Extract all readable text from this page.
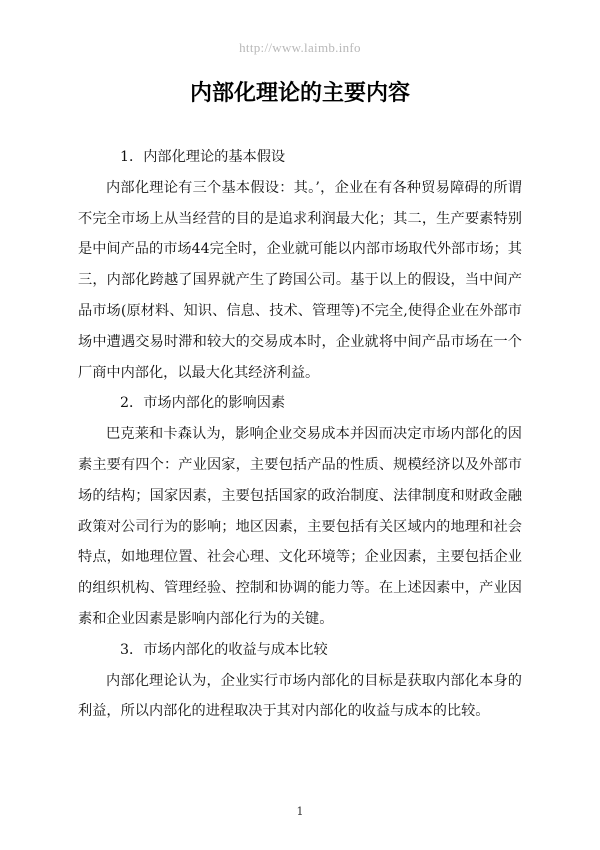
http://www.laimb.info
内部化理论的主要内容

1．内部化理论的基本假设

内部化理论有三个基本假设：其。’，企业在有各种贸易障碍的所谓不完全市场上从当经营的目的是追求利润最大化；其二，生产要素特别是中间产品的市场44完全时，企业就可能以内部市场取代外部市场；其三，内部化跨越了国界就产生了跨国公司。基于以上的假设，当中间产品市场(原材料、知识、信息、技术、管理等)不完全,使得企业在外部市场中遭遇交易时滞和较大的交易成本时，企业就将中间产品市场在一个厂商中内部化，以最大化其经济利益。

2．市场内部化的影响因素

巴克莱和卡森认为，影响企业交易成本并因而决定市场内部化的因素主要有四个：产业因家，主要包括产品的性质、规模经济以及外部市场的结构；国家因素，主要包括国家的政治制度、法律制度和财政金融政策对公司行为的影响；地区因素，主要包括有关区域内的地理和社会特点，如地理位置、社会心理、文化环境等；企业因素，主要包括企业的组织机构、管理经验、控制和协调的能力等。在上述因素中，产业因素和企业因素是影响内部化行为的关键。

3．市场内部化的收益与成本比较

内部化理论认为，企业实行市场内部化的目标是获取内部化本身的利益，所以内部化的进程取决于其对内部化的收益与成本的比较。

1
